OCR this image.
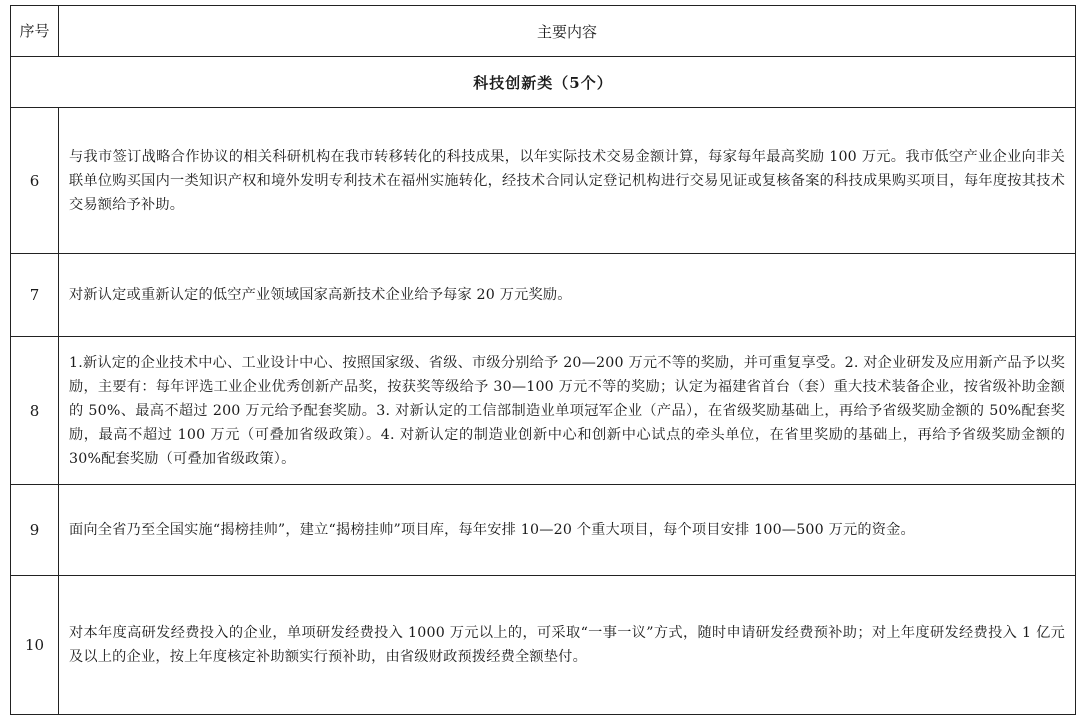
序号	主要内容
科技创新类（5个）	
6	与我市签订战略合作协议的相关科研机构在我市转移转化的科技成果，以年实际技术交易金额计算，每家每年最高奖励 100 万元。我市低空产业企业向非关联单位购买国内一类知识产权和境外发明专利技术在福州实施转化，经技术合同认定登记机构进行交易见证或复核备案的科技成果购买项目，每年度按其技术交易额给予补助。
7	对新认定或重新认定的低空产业领域国家高新技术企业给予每家 20 万元奖励。
8	1.新认定的企业技术中心、工业设计中心、按照国家级、省级、市级分别给予 20—200 万元不等的奖励，并可重复享受。2. 对企业研发及应用新产品予以奖励，主要有：每年评选工业企业优秀创新产品奖，按获奖等级给予 30—100 万元不等的奖励；认定为福建省首台（套）重大技术装备企业，按省级补助金额的 50%、最高不超过 200 万元给予配套奖励。3. 对新认定的工信部制造业单项冠军企业（产品），在省级奖励基础上，再给予省级奖励金额的 50%配套奖励，最高不超过 100 万元（可叠加省级政策）。4. 对新认定的制造业创新中心和创新中心试点的牵头单位，在省里奖励的基础上，再给予省级奖励金额的 30%配套奖励（可叠加省级政策）。
9	面向全省乃至全国实施“揭榜挂帅”，建立“揭榜挂帅”项目库，每年安排 10—20 个重大项目，每个项目安排 100—500 万元的资金。
10	对本年度高研发经费投入的企业，单项研发经费投入 1000 万元以上的，可采取“一事一议”方式，随时申请研发经费预补助；对上年度研发经费投入 1 亿元及以上的企业，按上年度核定补助额实行预补助，由省级财政预拨经费全额垫付。
